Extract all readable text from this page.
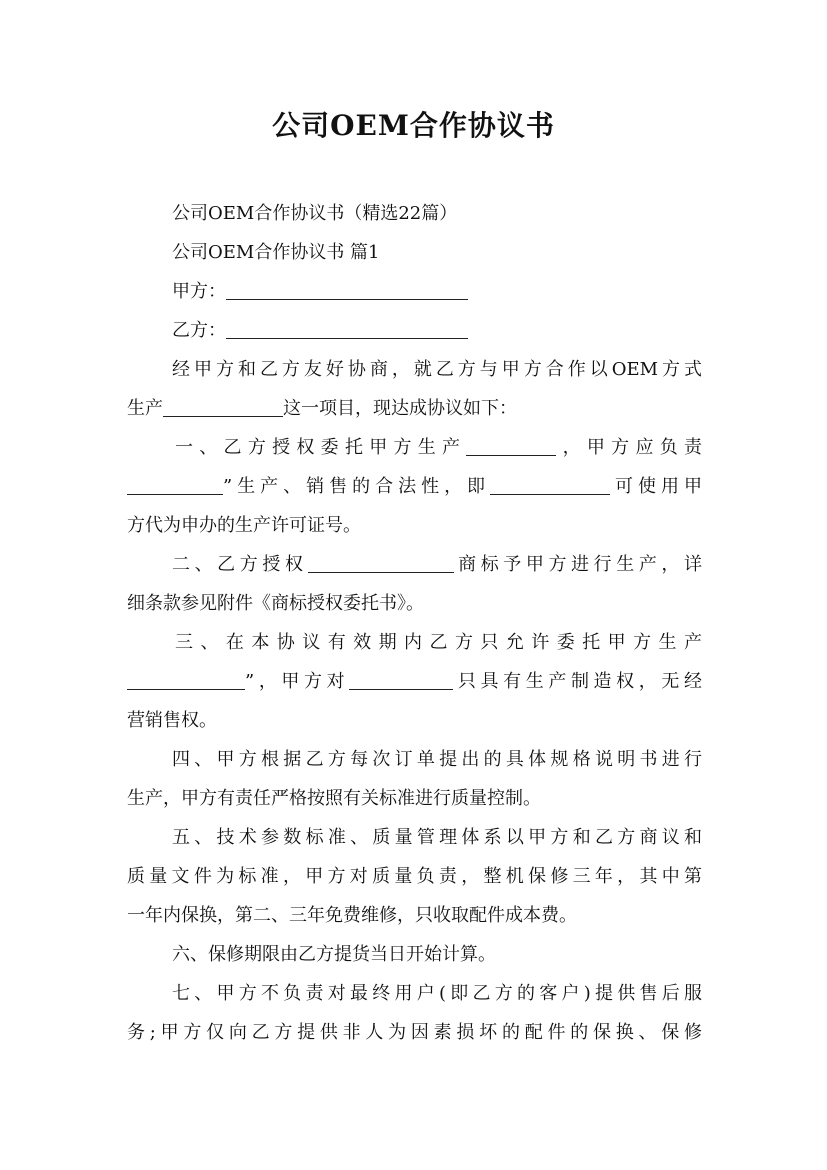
公司OEM合作协议书
公司OEM合作协议书（精选22篇）
公司OEM合作协议书 篇1
甲方：
乙方：
经甲方和乙方友好协商，就乙方与甲方合作以OEM方式
生产	这一项目，现达成协议如下：
一、乙方授权委托甲方生产	，甲方应负责
”生产、销售的合法性，即	可使用甲
方代为申办的生产许可证号。
二、乙方授权	商标予甲方进行生产，详
细条款参见附件《商标授权委托书》。
三、在本协议有效期内乙方只允许委托甲方生产
”，甲方对	只具有生产制造权，无经
营销售权。
四、甲方根据乙方每次订单提出的具体规格说明书进行
生产，甲方有责任严格按照有关标准进行质量控制。
五、技术参数标准、质量管理体系以甲方和乙方商议和
质量文件为标准，甲方对质量负责，整机保修三年，其中第
一年内保换，第二、三年免费维修，只收取配件成本费。
六、保修期限由乙方提货当日开始计算。
七、甲方不负责对最终用户(即乙方的客户)提供售后服
务;甲方仅向乙方提供非人为因素损坏的配件的保换、保修
